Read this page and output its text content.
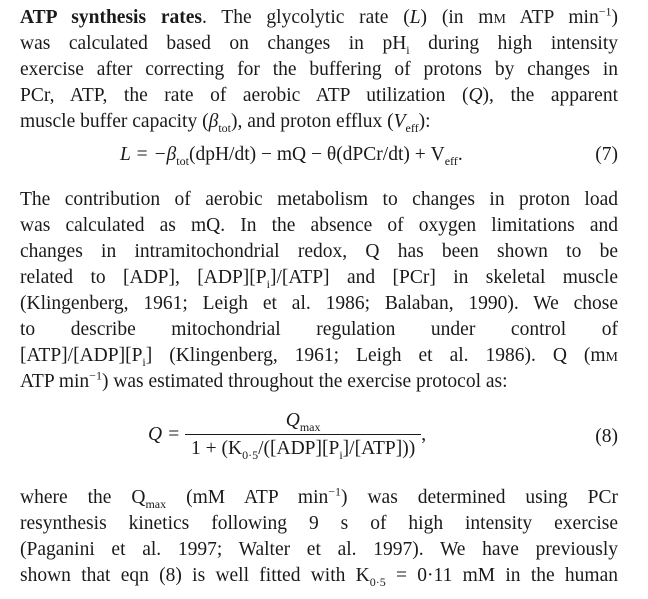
ATP synthesis rates. The glycolytic rate (L) (in mM ATP $\min^{-1}$)
was calculated based on changes in $pH_i$ during high intensity
exercise after correcting for the buffering of protons by changes in
PCr, ATP, the rate of aerobic ATP utilization (Q), the apparent
muscle buffer capacity $(\beta_{tot})$, and proton efflux $(V_{eff})$:
$L = -\beta_{tot}(dpH/dt)$ − mQ − θ(dPCr/dt) + $V_{eff}$.	(7)
The contribution of aerobic metabolism to changes in proton load
was calculated as mQ. In the absence of oxygen limitations and
changes in intramitochondrial redox, Q has been shown to be
related to [ADP], $[ADP][P_i]/[ATP]$ and [PCr] in skeletal muscle
(Klingenberg, 1961; Leigh et al. 1986; Balaban, 1990). We chose
to describe mitochondrial regulation under control of
$[ATP]/[ADP][P_i]$ (Klingenberg, 1961; Leigh et al. 1986). Q (mM
ATP $\min^{-1}$) was estimated throughout the exercise protocol as:
$Q = \frac{Q_{max}}{1 + (K_{0\cdot 5}/([ADP][P_i]/[ATP]))}$ ,	(8)
where the $Q_{max}$ (mM ATP $\min^{-1}$) was determined using PCr
resynthesis kinetics following 9 s of high intensity exercise
(Paganini et al. 1997; Walter et al. 1997). We have previously
shown that eqn (8) is well fitted with $K_{0\cdot 5} = 0\cdot 11$ mM in the human
